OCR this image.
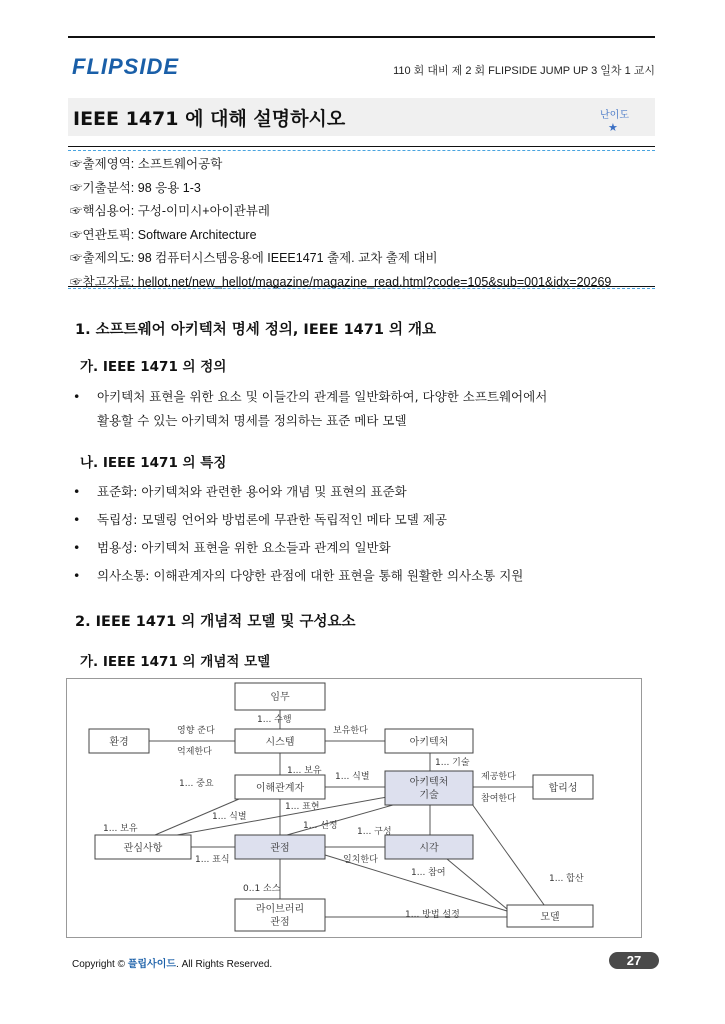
FLIPSIDE	110 회 대비 제 2 회 FLIPSIDE JUMP UP 3 일차 1 교시
IEEE 1471 에 대해 설명하시오	난이도
★
☞출제영역: 소프트웨어공학
☞기출분석: 98 응용 1-3
☞핵심용어: 구성-이미시+아이관뷰레
☞연관토픽: Software Architecture
☞출제의도: 98 컴퓨터시스템응용에 IEEE1471 출제. 교차 출제 대비
☞참고자료: hellot.net/new_hellot/magazine/magazine_read.html?code=105&sub=001&idx=20269
1. 소프트웨어 아키텍처 명세 정의, IEEE 1471 의 개요
가. IEEE 1471 의 정의
• 아키텍처 표현을 위한 요소 및 이들간의 관계를 일반화하여, 다양한 소프트웨어에서
활용할 수 있는 아키텍처 명세를 정의하는 표준 메타 모델
나. IEEE 1471 의 특징
• 표준화: 아키텍처와 관련한 용어와 개념 및 표현의 표준화
• 독립성: 모델링 언어와 방법론에 무관한 독립적인 메타 모델 제공
• 범용성: 아키텍처 표현을 위한 요소들과 관계의 일반화
• 의사소통: 이해관계자의 다양한 관점에 대한 표현을 통해 원활한 의사소통 지원
2. IEEE 1471 의 개념적 모델 및 구성요소
가. IEEE 1471 의 개념적 모델
임무
환경	시스템	아키텍처
이해관계자
아키텍처
기술
합리성
관심사항	관점	시각
라이브러리
관점	모델
1... 수행
영향 준다
억제한다
보유한다
1... 보유
1... 식별
1... 기술
1... 중요
1... 식별
제공한다
참여한다
1... 보유
1... 표현
1... 선정
1... 구성
1... 표식	일치한다
1... 참여
1... 합산
0..1 소스
1... 방법 설정
Copyright © 플립사이드. All Rights Reserved.	27
